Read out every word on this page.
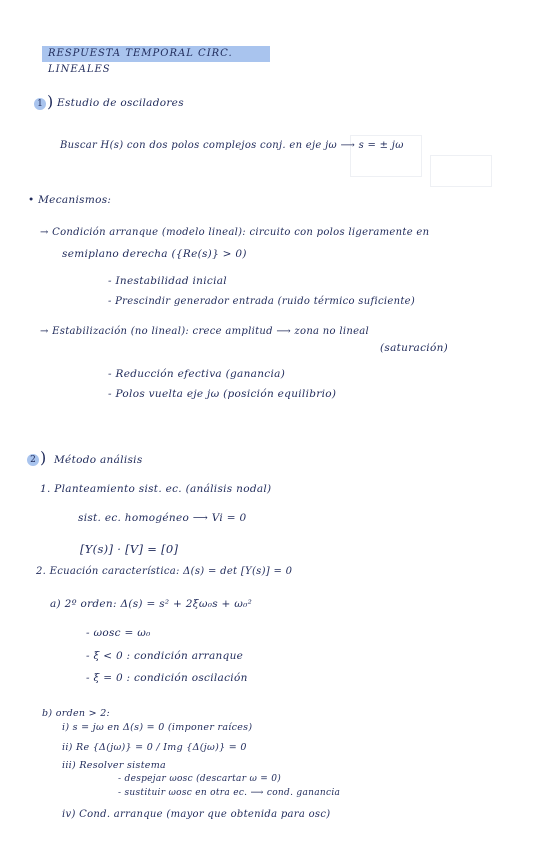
RESPUESTA TEMPORAL CIRC. LINEALES
1 ) Estudio de osciladores
Buscar H(s) con dos polos complejos conj. en eje jω ⟶ s = ± jω
• Mecanismos:
→ Condición arranque (modelo lineal): circuito con polos ligeramente en
semiplano derecha ({Re(s)} > 0)
- Inestabilidad inicial
- Prescindir generador entrada (ruido térmico suficiente)
→ Estabilización (no lineal): crece amplitud ⟶ zona no lineal
(saturación)
- Reducción efectiva (ganancia)
- Polos vuelta eje jω (posición equilibrio)
2 ) Método análisis
1. Planteamiento sist. ec. (análisis nodal)
sist. ec. homogéneo ⟶ Vi = 0
[Y(s)] · [V] = [0]
2. Ecuación característica: Δ(s) = det [Y(s)] = 0
a) 2º orden: Δ(s) = s² + 2ξω₀s + ω₀²
- ωosc = ω₀
- ξ < 0 : condición arranque
- ξ = 0 : condición oscilación
b) orden > 2:
i) s = jω en Δ(s) = 0 (imponer raíces)
ii) Re {Δ(jω)} = 0 / Img {Δ(jω)} = 0
iii) Resolver sistema
- despejar ωosc (descartar ω = 0)
- sustituir ωosc en otra ec. ⟶ cond. ganancia
iv) Cond. arranque (mayor que obtenida para osc)
